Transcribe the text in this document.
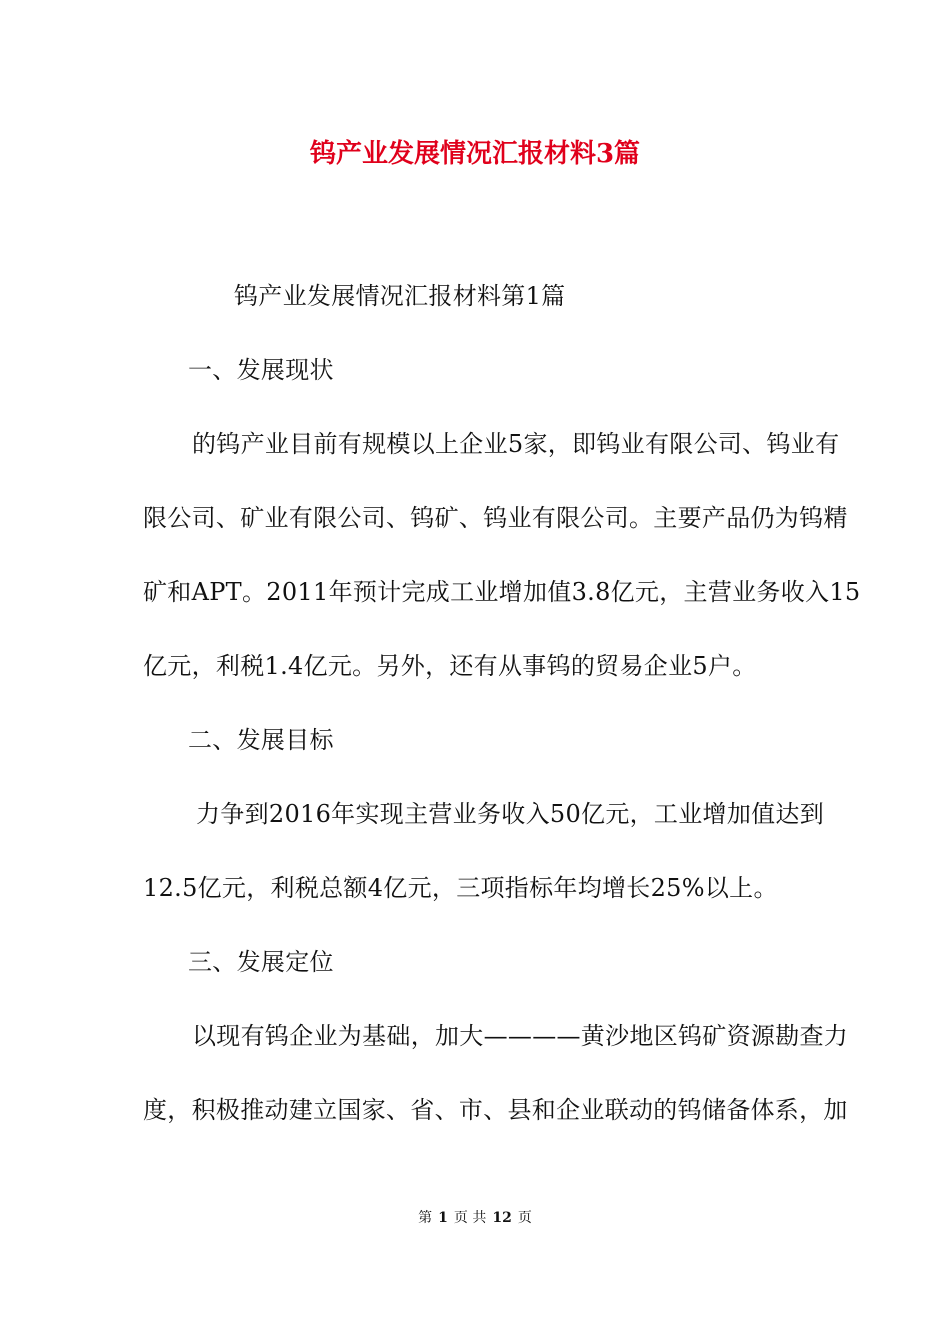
钨产业发展情况汇报材料3篇
钨产业发展情况汇报材料第1篇
一、发展现状
的钨产业目前有规模以上企业5家，即钨业有限公司、钨业有
限公司、矿业有限公司、钨矿、钨业有限公司。主要产品仍为钨精
矿和APT。2011年预计完成工业增加值3.8亿元，主营业务收入15
亿元，利税1.4亿元。另外，还有从事钨的贸易企业5户。
二、发展目标
力争到2016年实现主营业务收入50亿元，工业增加值达到
12.5亿元，利税总额4亿元，三项指标年均增长25%以上。
三、发展定位
以现有钨企业为基础，加大————黄沙地区钨矿资源勘查力
度，积极推动建立国家、省、市、县和企业联动的钨储备体系，加
第 1 页 共 12 页
